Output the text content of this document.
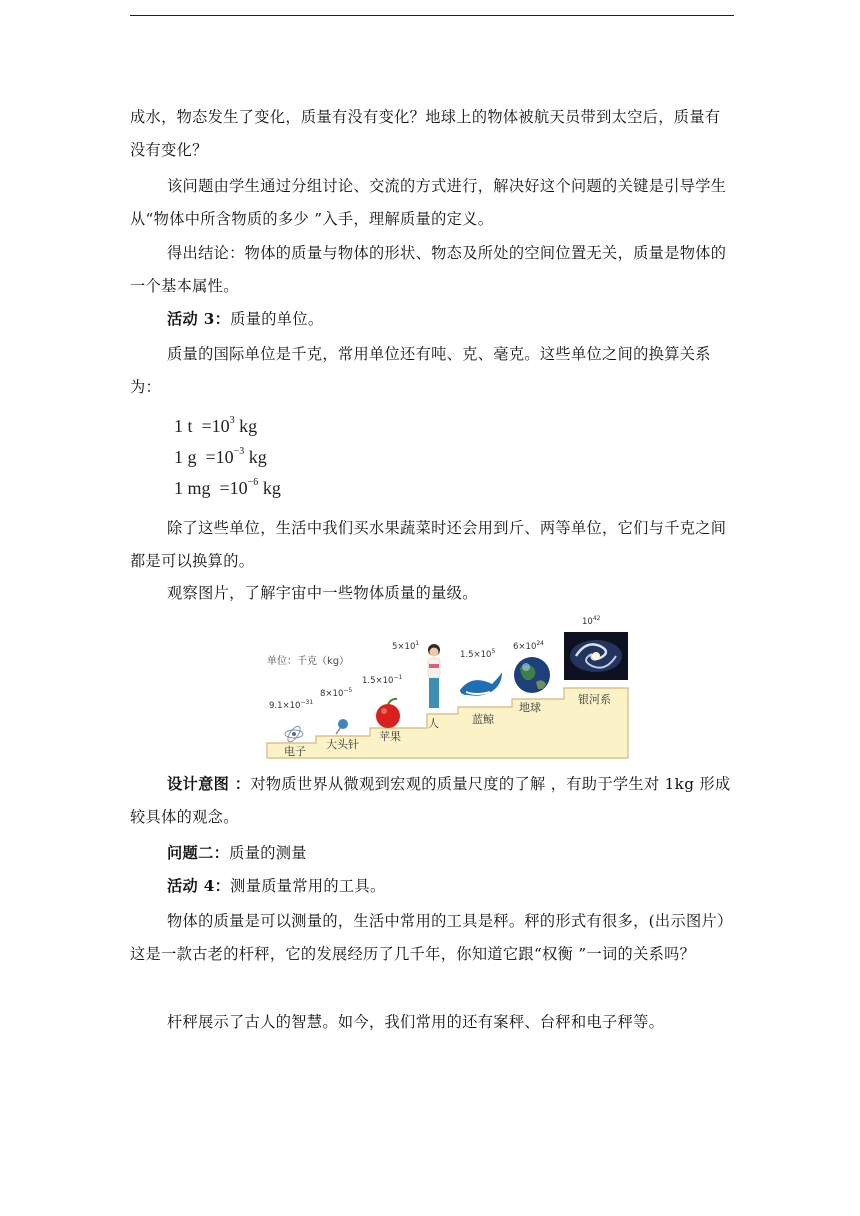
成水，物态发生了变化，质量有没有变化？地球上的物体被航天员带到太空后，质量有没有变化？

该问题由学生通过分组讨论、交流的方式进行，解决好这个问题的关键是引导学生从“物体中所含物质的多少 ”入手，理解质量的定义。

得出结论：物体的质量与物体的形状、物态及所处的空间位置无关，质量是物体的一个基本属性。

活动 3：质量的单位。

质量的国际单位是千克，常用单位还有吨、克、毫克。这些单位之间的换算关系为：

1 $t =10^3$ kg
1 $g =10^{-3}$ kg
1 mg $=10^{-6}$ kg

除了这些单位，生活中我们买水果蔬菜时还会用到斤、两等单位，它们与千克之间都是可以换算的。

观察图片，了解宇宙中一些物体质量的量级。

单位：千克（kg）
$9.1\times 10^{-31}$
电子
$8\times 10^{-5}$
大头针
$1.5\times 10^{-1}$
苹果
$5\times 10^1$
人
$1.5\times 10^5$
蓝鲸
$6\times 10^{24}$
地球
$10^{42}$
银河系

设计意图 ：对物质世界从微观到宏观的质量尺度的了解 ，有助于学生对 1kg 形成较具体的观念。

问题二：质量的测量

活动 4：测量质量常用的工具。

物体的质量是可以测量的，生活中常用的工具是秤。秤的形式有很多，(出示图片）这是一款古老的杆秤，它的发展经历了几千年，你知道它跟“权衡 ”一词的关系吗？

杆秤展示了古人的智慧。如今，我们常用的还有案秤、台秤和电子秤等。
